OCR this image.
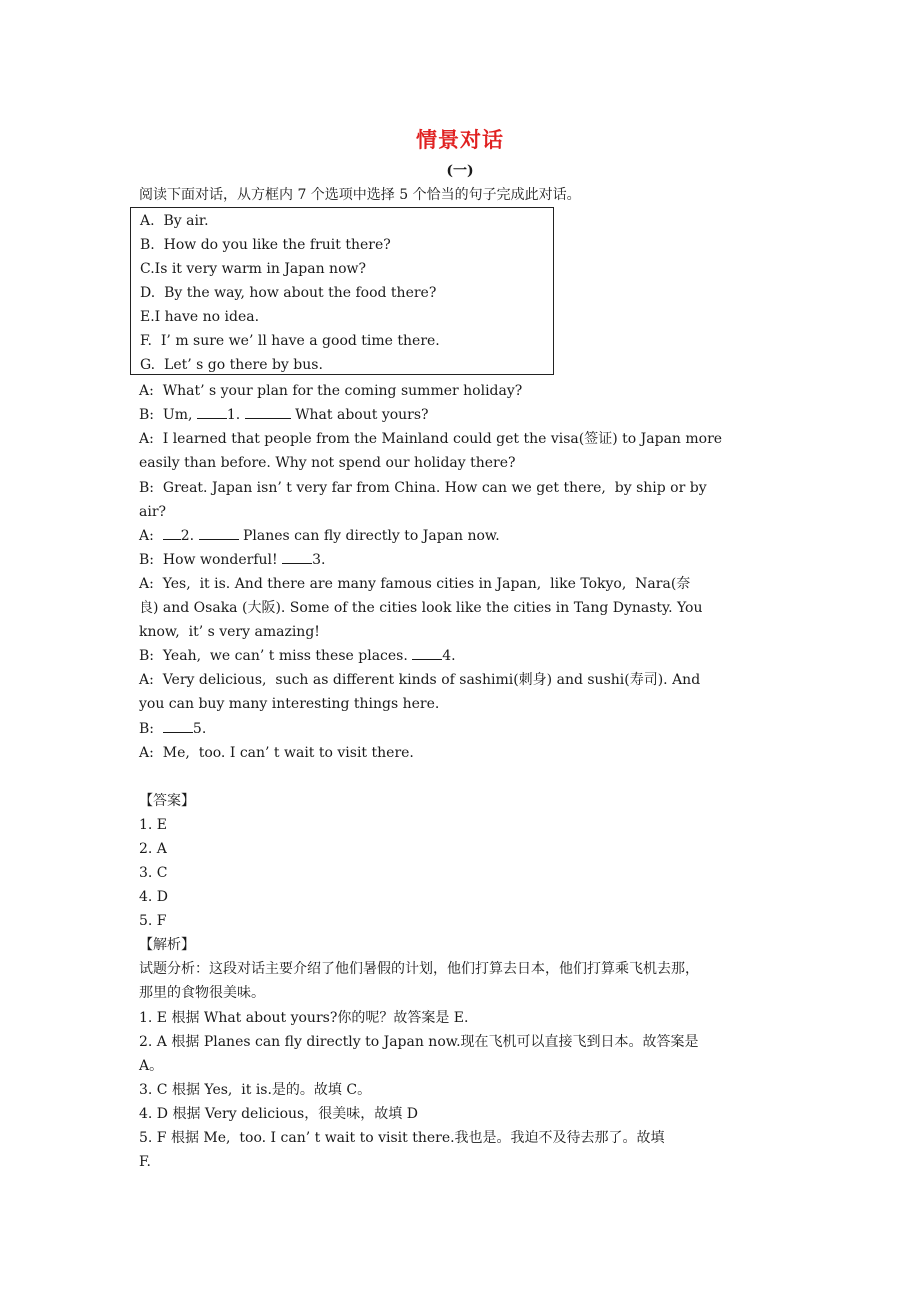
情景对话
(一)
阅读下面对话，从方框内 7 个选项中选择 5 个恰当的句子完成此对话。
A.  By air.
B.  How do you like the fruit there?
C.Is it very warm in Japan now?
D.  By the way, how about the food there?
E.I have no idea.
F.  I’ m sure we’ ll have a good time there.
G.  Let’ s go there by bus.
A:  What’ s your plan for the coming summer holiday?
B:  Um, 1.	What about yours?
A:  I learned that people from the Mainland could get the visa(签证) to Japan more
easily than before. Why not spend our holiday there?
B:  Great. Japan isn’ t very far from China. How can we get there,  by ship or by
air?
A:  2.	Planes can fly directly to Japan now.
B:  How wonderful! 3.
A:  Yes,  it is. And there are many famous cities in Japan,  like Tokyo,  Nara(奈
良) and Osaka (大阪). Some of the cities look like the cities in Tang Dynasty. You
know,  it’ s very amazing!
B:  Yeah,  we can’ t miss these places. 4.
A:  Very delicious,  such as different kinds of sashimi(刺身) and sushi(寿司). And
you can buy many interesting things here.
B:  5.
A:  Me,  too. I can’ t wait to visit there.
【答案】
1. E
2. A
3. C
4. D
5. F
【解析】
试题分析：这段对话主要介绍了他们暑假的计划，他们打算去日本，他们打算乘飞机去那，
那里的食物很美味。
1. E 根据 What about yours?你的呢？故答案是 E.
2. A 根据 Planes can fly directly to Japan now.现在飞机可以直接飞到日本。故答案是
A。
3. C 根据 Yes,  it is.是的。故填 C。
4. D 根据 Very delicious，很美味，故填 D
5. F 根据 Me,  too. I can’ t wait to visit there.我也是。我迫不及待去那了。故填
F.
